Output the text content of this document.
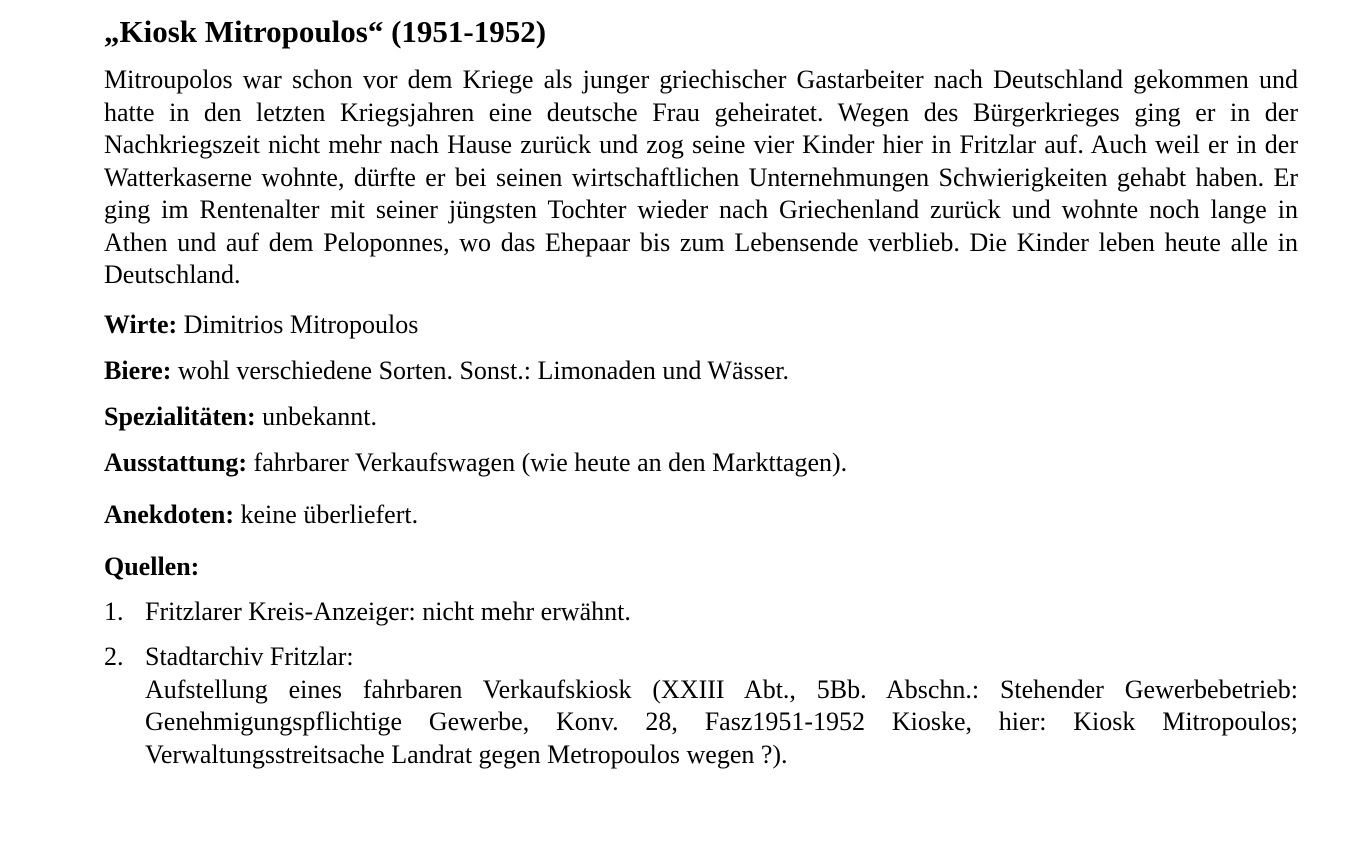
„Kiosk Mitropoulos“ (1951-1952)

Mitroupolos war schon vor dem Kriege als junger griechischer Gastarbeiter nach Deutschland gekommen und hatte in den letzten Kriegsjahren eine deutsche Frau geheiratet. Wegen des Bürgerkrieges ging er in der Nachkriegszeit nicht mehr nach Hause zurück und zog seine vier Kinder hier in Fritzlar auf. Auch weil er in der Watterkaserne wohnte, dürfte er bei seinen wirtschaftlichen Unternehmungen Schwierigkeiten gehabt haben. Er ging im Rentenalter mit seiner jüngsten Tochter wieder nach Griechenland zurück und wohnte noch lange in Athen und auf dem Peloponnes, wo das Ehepaar bis zum Lebensende verblieb. Die Kinder leben heute alle in Deutschland.

Wirte: Dimitrios Mitropoulos
Biere: wohl verschiedene Sorten. Sonst.: Limonaden und Wässer.
Spezialitäten: unbekannt.
Ausstattung: fahrbarer Verkaufswagen (wie heute an den Markttagen).
Anekdoten: keine überliefert.
Quellen:
1. Fritzlarer Kreis-Anzeiger: nicht mehr erwähnt.
2. Stadtarchiv Fritzlar:
Aufstellung eines fahrbaren Verkaufskiosk (XXIII Abt., 5Bb. Abschn.: Stehender Gewerbebetrieb: Genehmigungspflichtige Gewerbe, Konv. 28, Fasz1951-1952 Kioske, hier: Kiosk Mitropoulos; Verwaltungsstreitsache Landrat gegen Metropoulos wegen ?).
